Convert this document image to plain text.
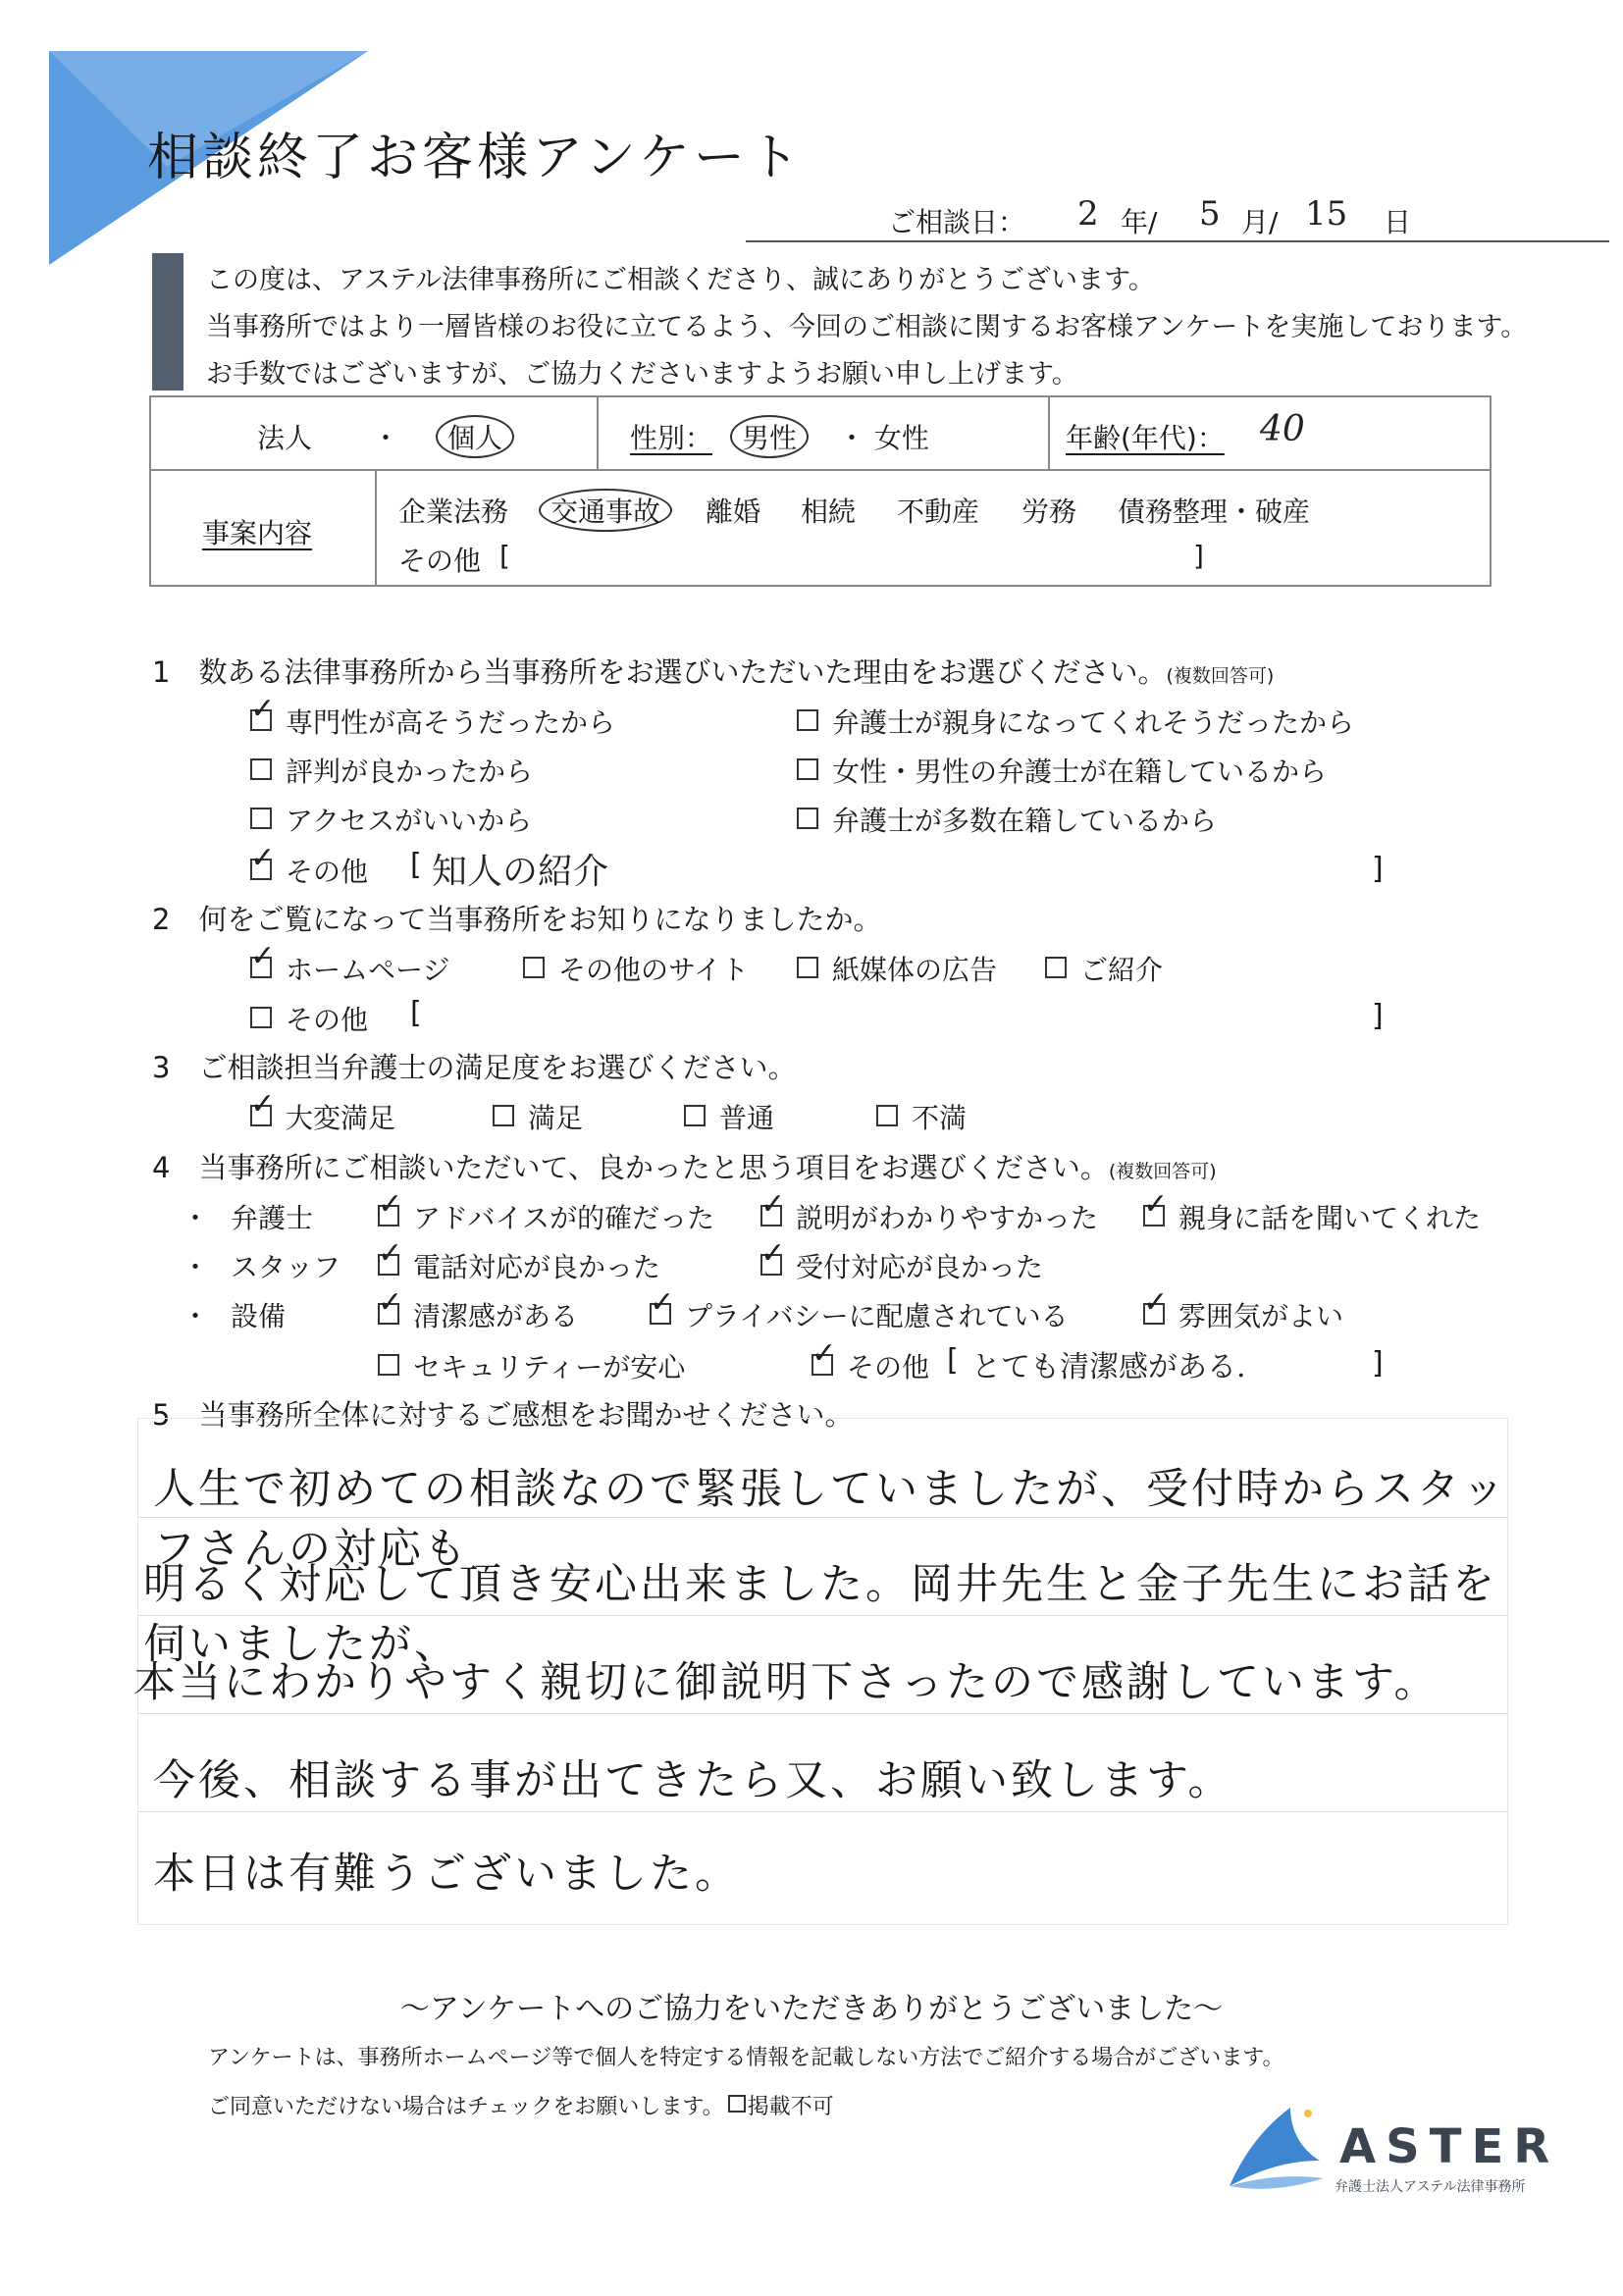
相談終了お客様アンケート
ご相談日： 2 年/ 5 月/ 15 日
この度は、アステル法律事務所にご相談くださり、誠にありがとうございます。
当事務所ではより一層皆様のお役に立てるよう、今回のご相談に関するお客様アンケートを実施しております。
お手数ではございますが、ご協力くださいますようお願い申し上げます。
法人 ・	個人	性別：	男性	・ 女性	年齢(年代)： 40
事案内容
企業法務	交通事故	離婚 相続 不動産 労務 債務整理・破産
その他 [	]
1　数ある法律事務所から当事務所をお選びいただいた理由をお選びください。(複数回答可)
✓専門性が高そうだったから	弁護士が親身になってくれそうだったから
評判が良かったから	女性・男性の弁護士が在籍しているから
アクセスがいいから	弁護士が多数在籍しているから
✓その他 [ 知人の紹介	]
2　何をご覧になって当事務所をお知りになりましたか。
✓ホームページ	その他のサイト	紙媒体の広告	ご紹介
その他 [	]
3　ご相談担当弁護士の満足度をお選びください。
✓大変満足	満足	普通	不満
4　当事務所にご相談いただいて、良かったと思う項目をお選びください。(複数回答可)
・ 弁護士 ✓	アドバイスが的確だった ✓	説明がわかりやすかった ✓	親身に話を聞いてくれた
・ スタッフ ✓	電話対応が良かった ✓	受付対応が良かった
・ 設備 ✓	清潔感がある ✓	プライバシーに配慮されている ✓	雰囲気がよい
セキュリティーが安心 ✓	その他 [ とても清潔感がある.	]
5　当事務所全体に対するご感想をお聞かせください。
人生で初めての相談なので緊張していましたが、受付時からスタッフさんの対応も
明るく対応して頂き安心出来ました。岡井先生と金子先生にお話を伺いましたが、
本当にわかりやすく親切に御説明下さったので感謝しています。
今後、相談する事が出てきたら又、お願い致します。
本日は有難うございました。
～アンケートへのご協力をいただきありがとうございました～
アンケートは、事務所ホームページ等で個人を特定する情報を記載しない方法でご紹介する場合がございます。
ご同意いただけない場合はチェックをお願いします。 掲載不可
ASTER
弁護士法人アステル法律事務所
